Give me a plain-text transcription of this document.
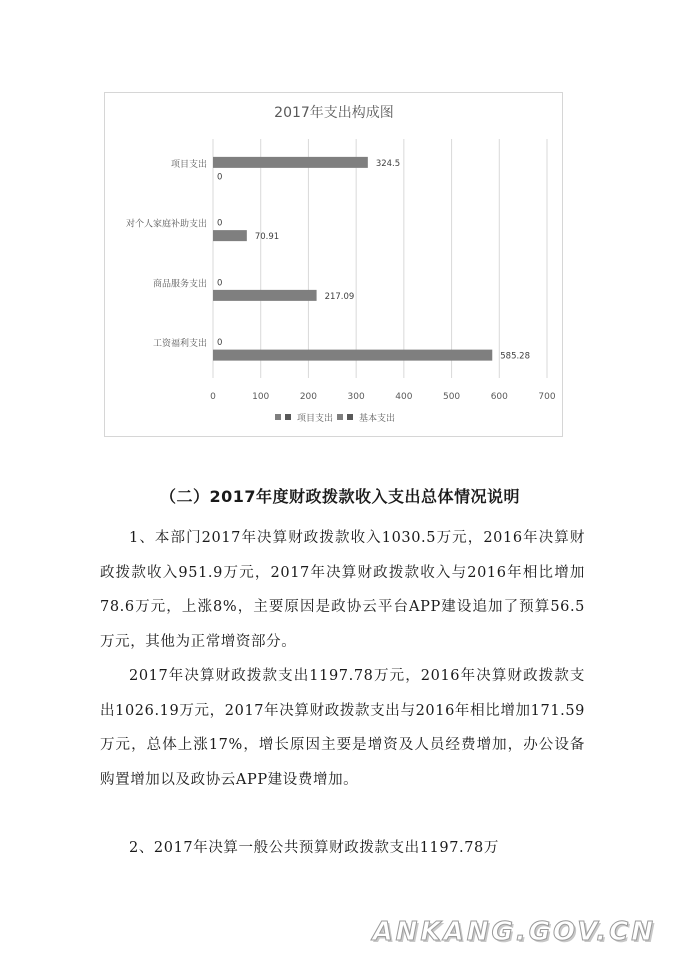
2017年支出构成图
0	100	200	300	400	500	600	700
工资福利支出 0
585.28
商品服务支出 0
217.09
对个人家庭补助支出 0
70.91
项目支出	324.5
0
项目支出	基本支出
（二）2017年度财政拨款收入支出总体情况说明

1、本部门2017年决算财政拨款收入1030.5万元，2016年决算财政拨款收入951.9万元，2017年决算财政拨款收入与2016年相比增加78.6万元，上涨8%，主要原因是政协云平台APP建设追加了预算56.5万元，其他为正常增资部分。

2017年决算财政拨款支出1197.78万元，2016年决算财政拨款支出1026.19万元，2017年决算财政拨款支出与2016年相比增加171.59万元，总体上涨17%，增长原因主要是增资及人员经费增加，办公设备购置增加以及政协云APP建设费增加。

2、2017年决算一般公共预算财政拨款支出1197.78万

ANKANG.GOV.CN
